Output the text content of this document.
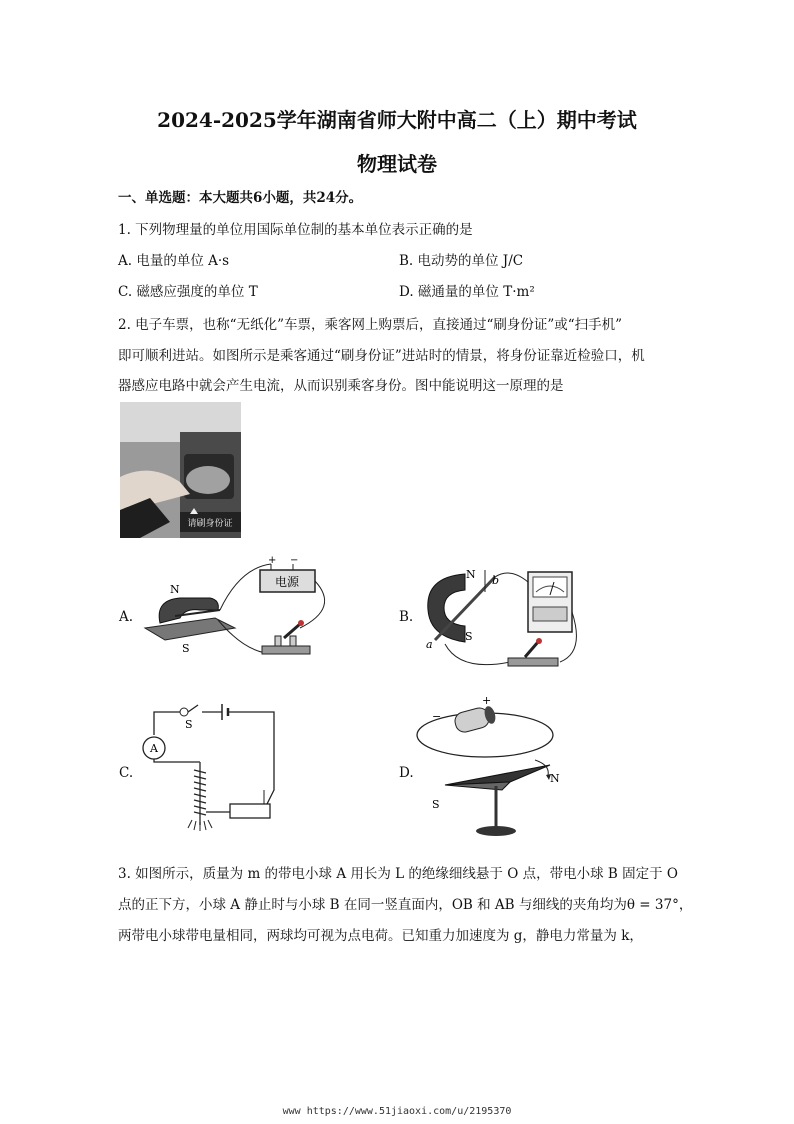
2024-2025学年湖南省师大附中高二（上）期中考试
物理试卷
一、单选题：本大题共6小题，共24分。
1. 下列物理量的单位用国际单位制的基本单位表示正确的是
A. 电量的单位 A·s	B. 电动势的单位 J/C
C. 磁感应强度的单位 T	D. 磁通量的单位 T·m²
2. 电子车票，也称“无纸化”车票，乘客网上购票后，直接通过“刷身份证”或“扫手机”
即可顺利进站。如图所示是乘客通过“刷身份证”进站时的情景，将身份证靠近检验口，机
器感应电路中就会产生电流，从而识别乘客身份。图中能说明这一原理的是
请刷身份证
A.
电源
+ −
N
S
B.
N
S
a
b
C.
S
A
D.
+
−
N
S
3. 如图所示，质量为 m 的带电小球 A 用长为 L 的绝缘细线悬于 O 点，带电小球 B 固定于 O
点的正下方，小球 A 静止时与小球 B 在同一竖直面内，OB 和 AB 与细线的夹角均为θ = 37°，
两带电小球带电量相同，两球均可视为点电荷。已知重力加速度为 g，静电力常量为 k，
www https://www.51jiaoxi.com/u/2195370
